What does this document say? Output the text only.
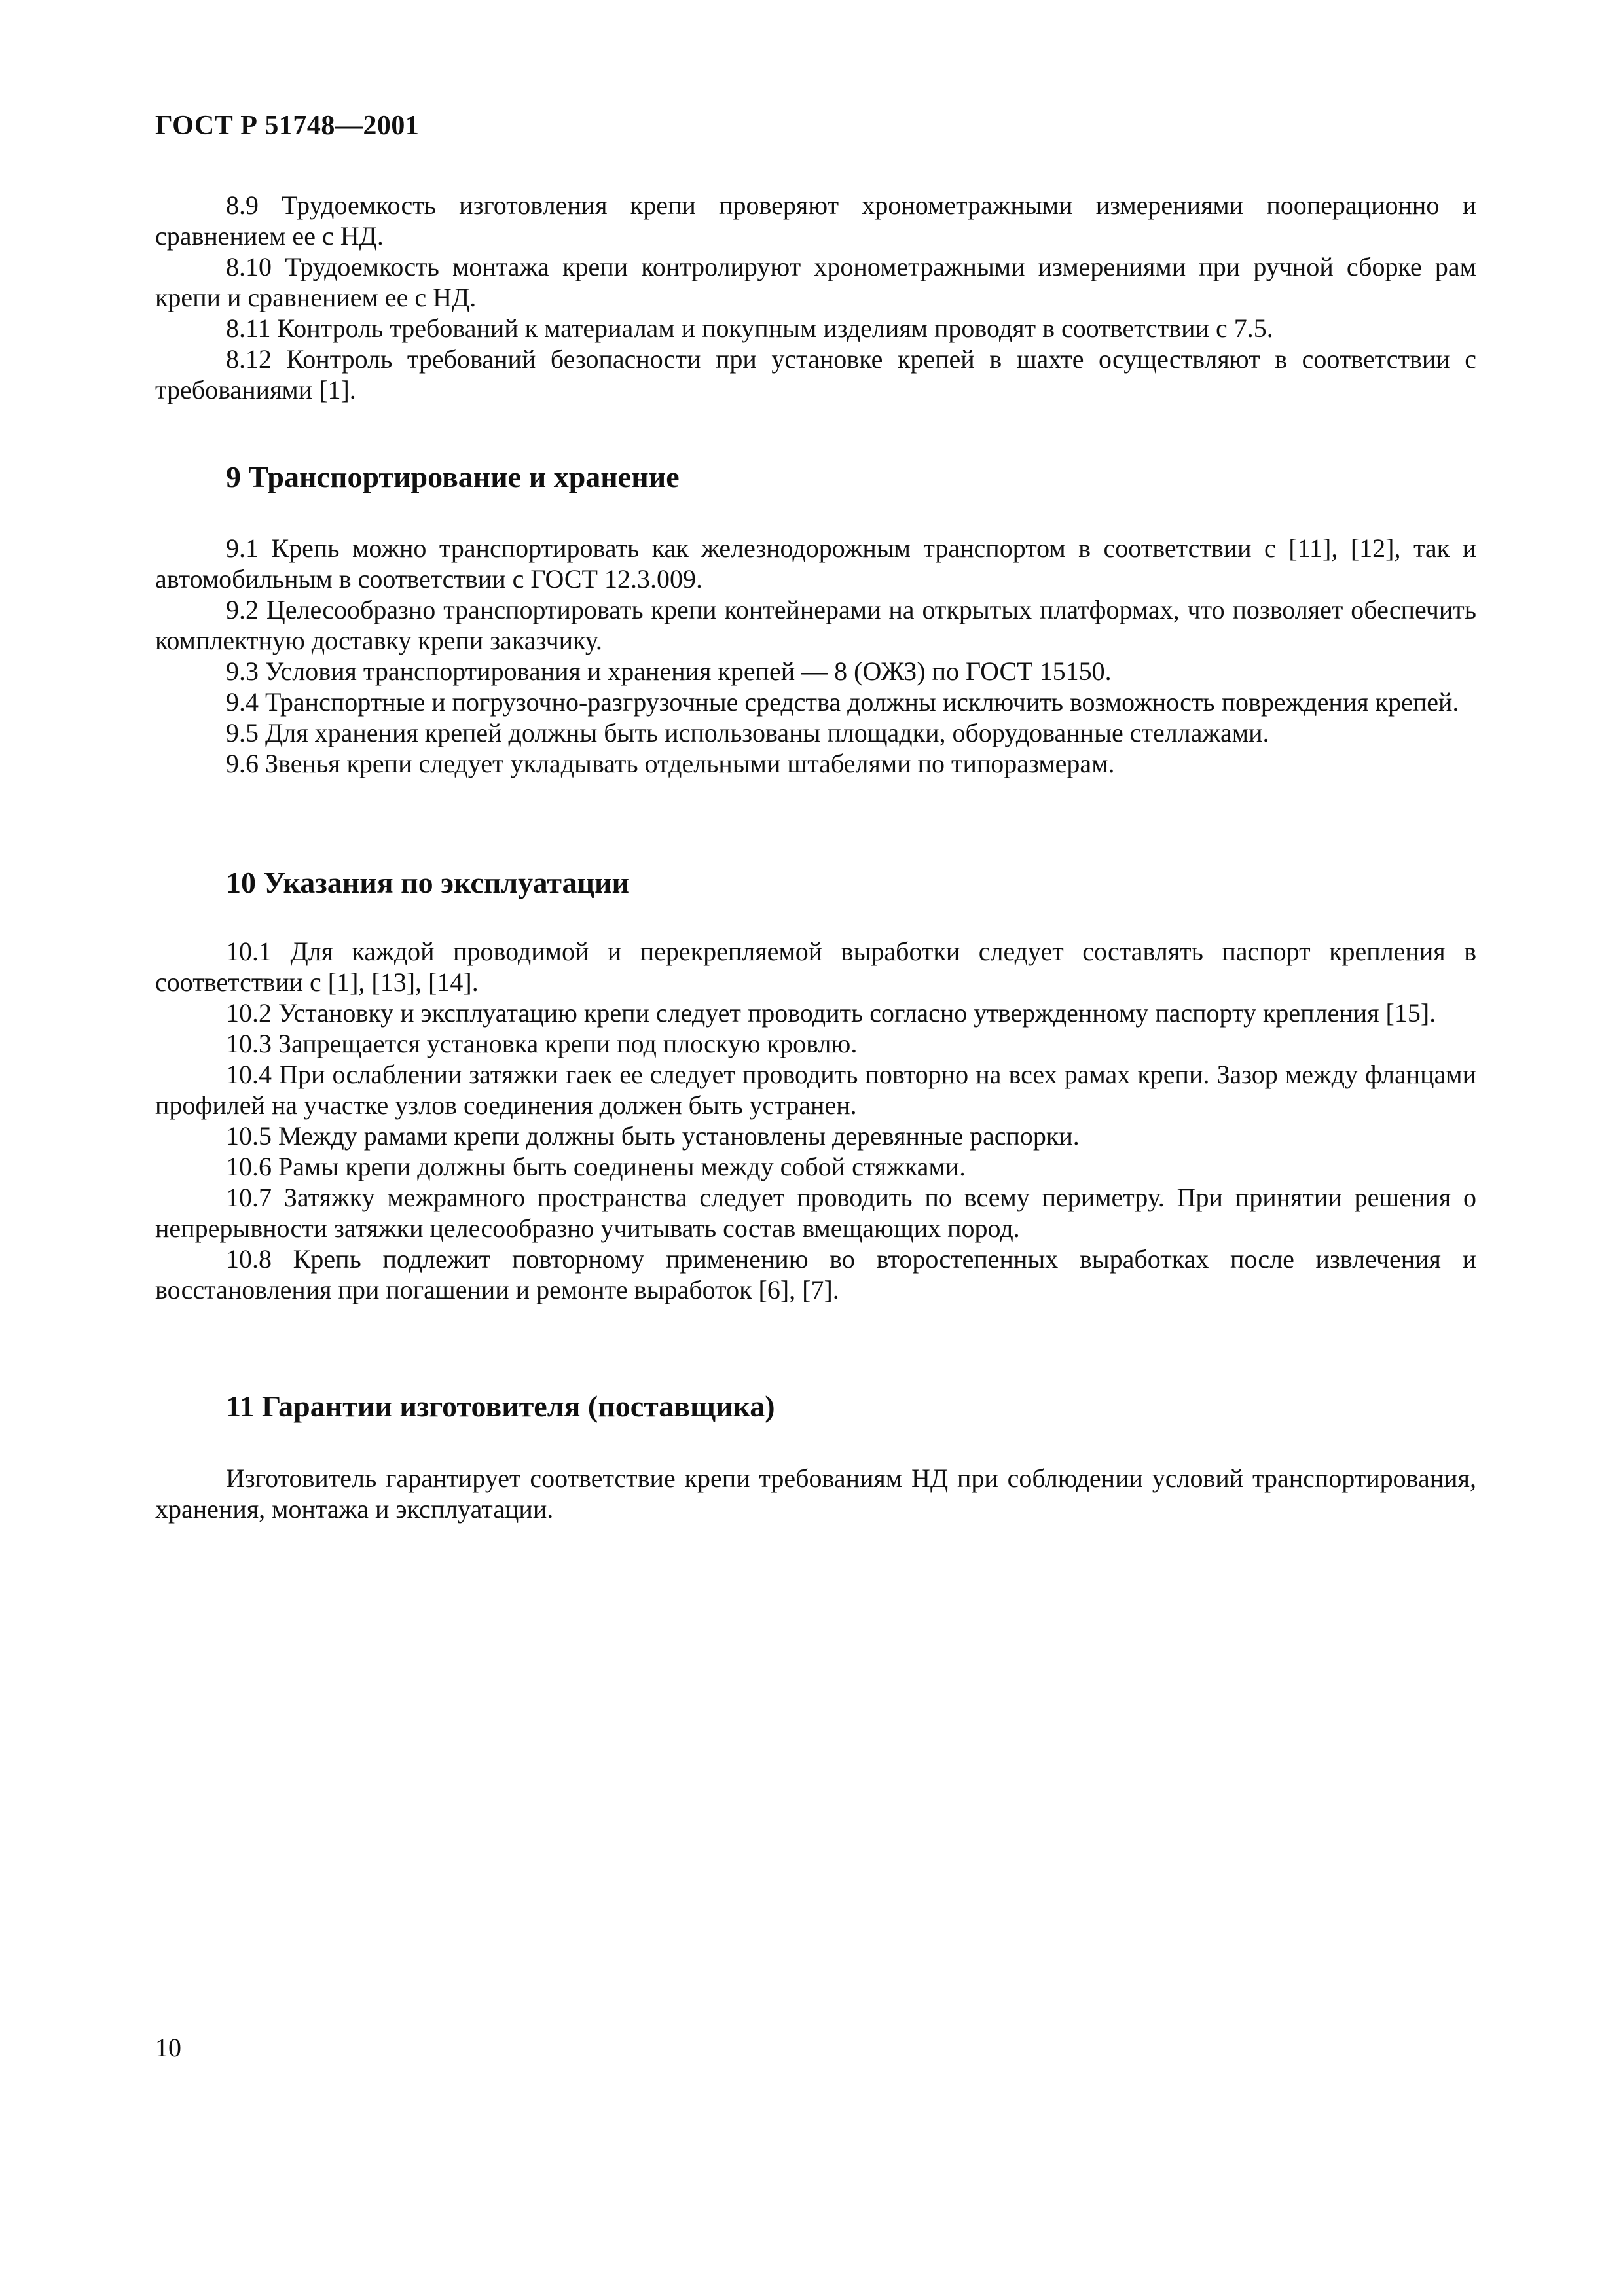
ГОСТ Р 51748—2001

8.9 Трудоемкость изготовления крепи проверяют хронометражными измерениями пооперационно и сравнением ее с НД.

8.10 Трудоемкость монтажа крепи контролируют хронометражными измерениями при ручной сборке рам крепи и сравнением ее с НД.

8.11 Контроль требований к материалам и покупным изделиям проводят в соответствии с 7.5.

8.12 Контроль требований безопасности при установке крепей в шахте осуществляют в соответствии с требованиями [1].

9 Транспортирование и хранение

9.1 Крепь можно транспортировать как железнодорожным транспортом в соответствии с [11], [12], так и автомобильным в соответствии с ГОСТ 12.3.009.

9.2 Целесообразно транспортировать крепи контейнерами на открытых платформах, что позволяет обеспечить комплектную доставку крепи заказчику.

9.3 Условия транспортирования и хранения крепей — 8 (ОЖЗ) по ГОСТ 15150.

9.4 Транспортные и погрузочно-разгрузочные средства должны исключить возможность повреждения крепей.

9.5 Для хранения крепей должны быть использованы площадки, оборудованные стеллажами.

9.6 Звенья крепи следует укладывать отдельными штабелями по типоразмерам.

10 Указания по эксплуатации

10.1 Для каждой проводимой и перекрепляемой выработки следует составлять паспорт крепления в соответствии с [1], [13], [14].

10.2 Установку и эксплуатацию крепи следует проводить согласно утвержденному паспорту крепления [15].

10.3 Запрещается установка крепи под плоскую кровлю.

10.4 При ослаблении затяжки гаек ее следует проводить повторно на всех рамах крепи. Зазор между фланцами профилей на участке узлов соединения должен быть устранен.

10.5 Между рамами крепи должны быть установлены деревянные распорки.

10.6 Рамы крепи должны быть соединены между собой стяжками.

10.7 Затяжку межрамного пространства следует проводить по всему периметру. При принятии решения о непрерывности затяжки целесообразно учитывать состав вмещающих пород.

10.8 Крепь подлежит повторному применению во второстепенных выработках после извлечения и восстановления при погашении и ремонте выработок [6], [7].

11 Гарантии изготовителя (поставщика)

Изготовитель гарантирует соответствие крепи требованиям НД при соблюдении условий транспортирования, хранения, монтажа и эксплуатации.

10
